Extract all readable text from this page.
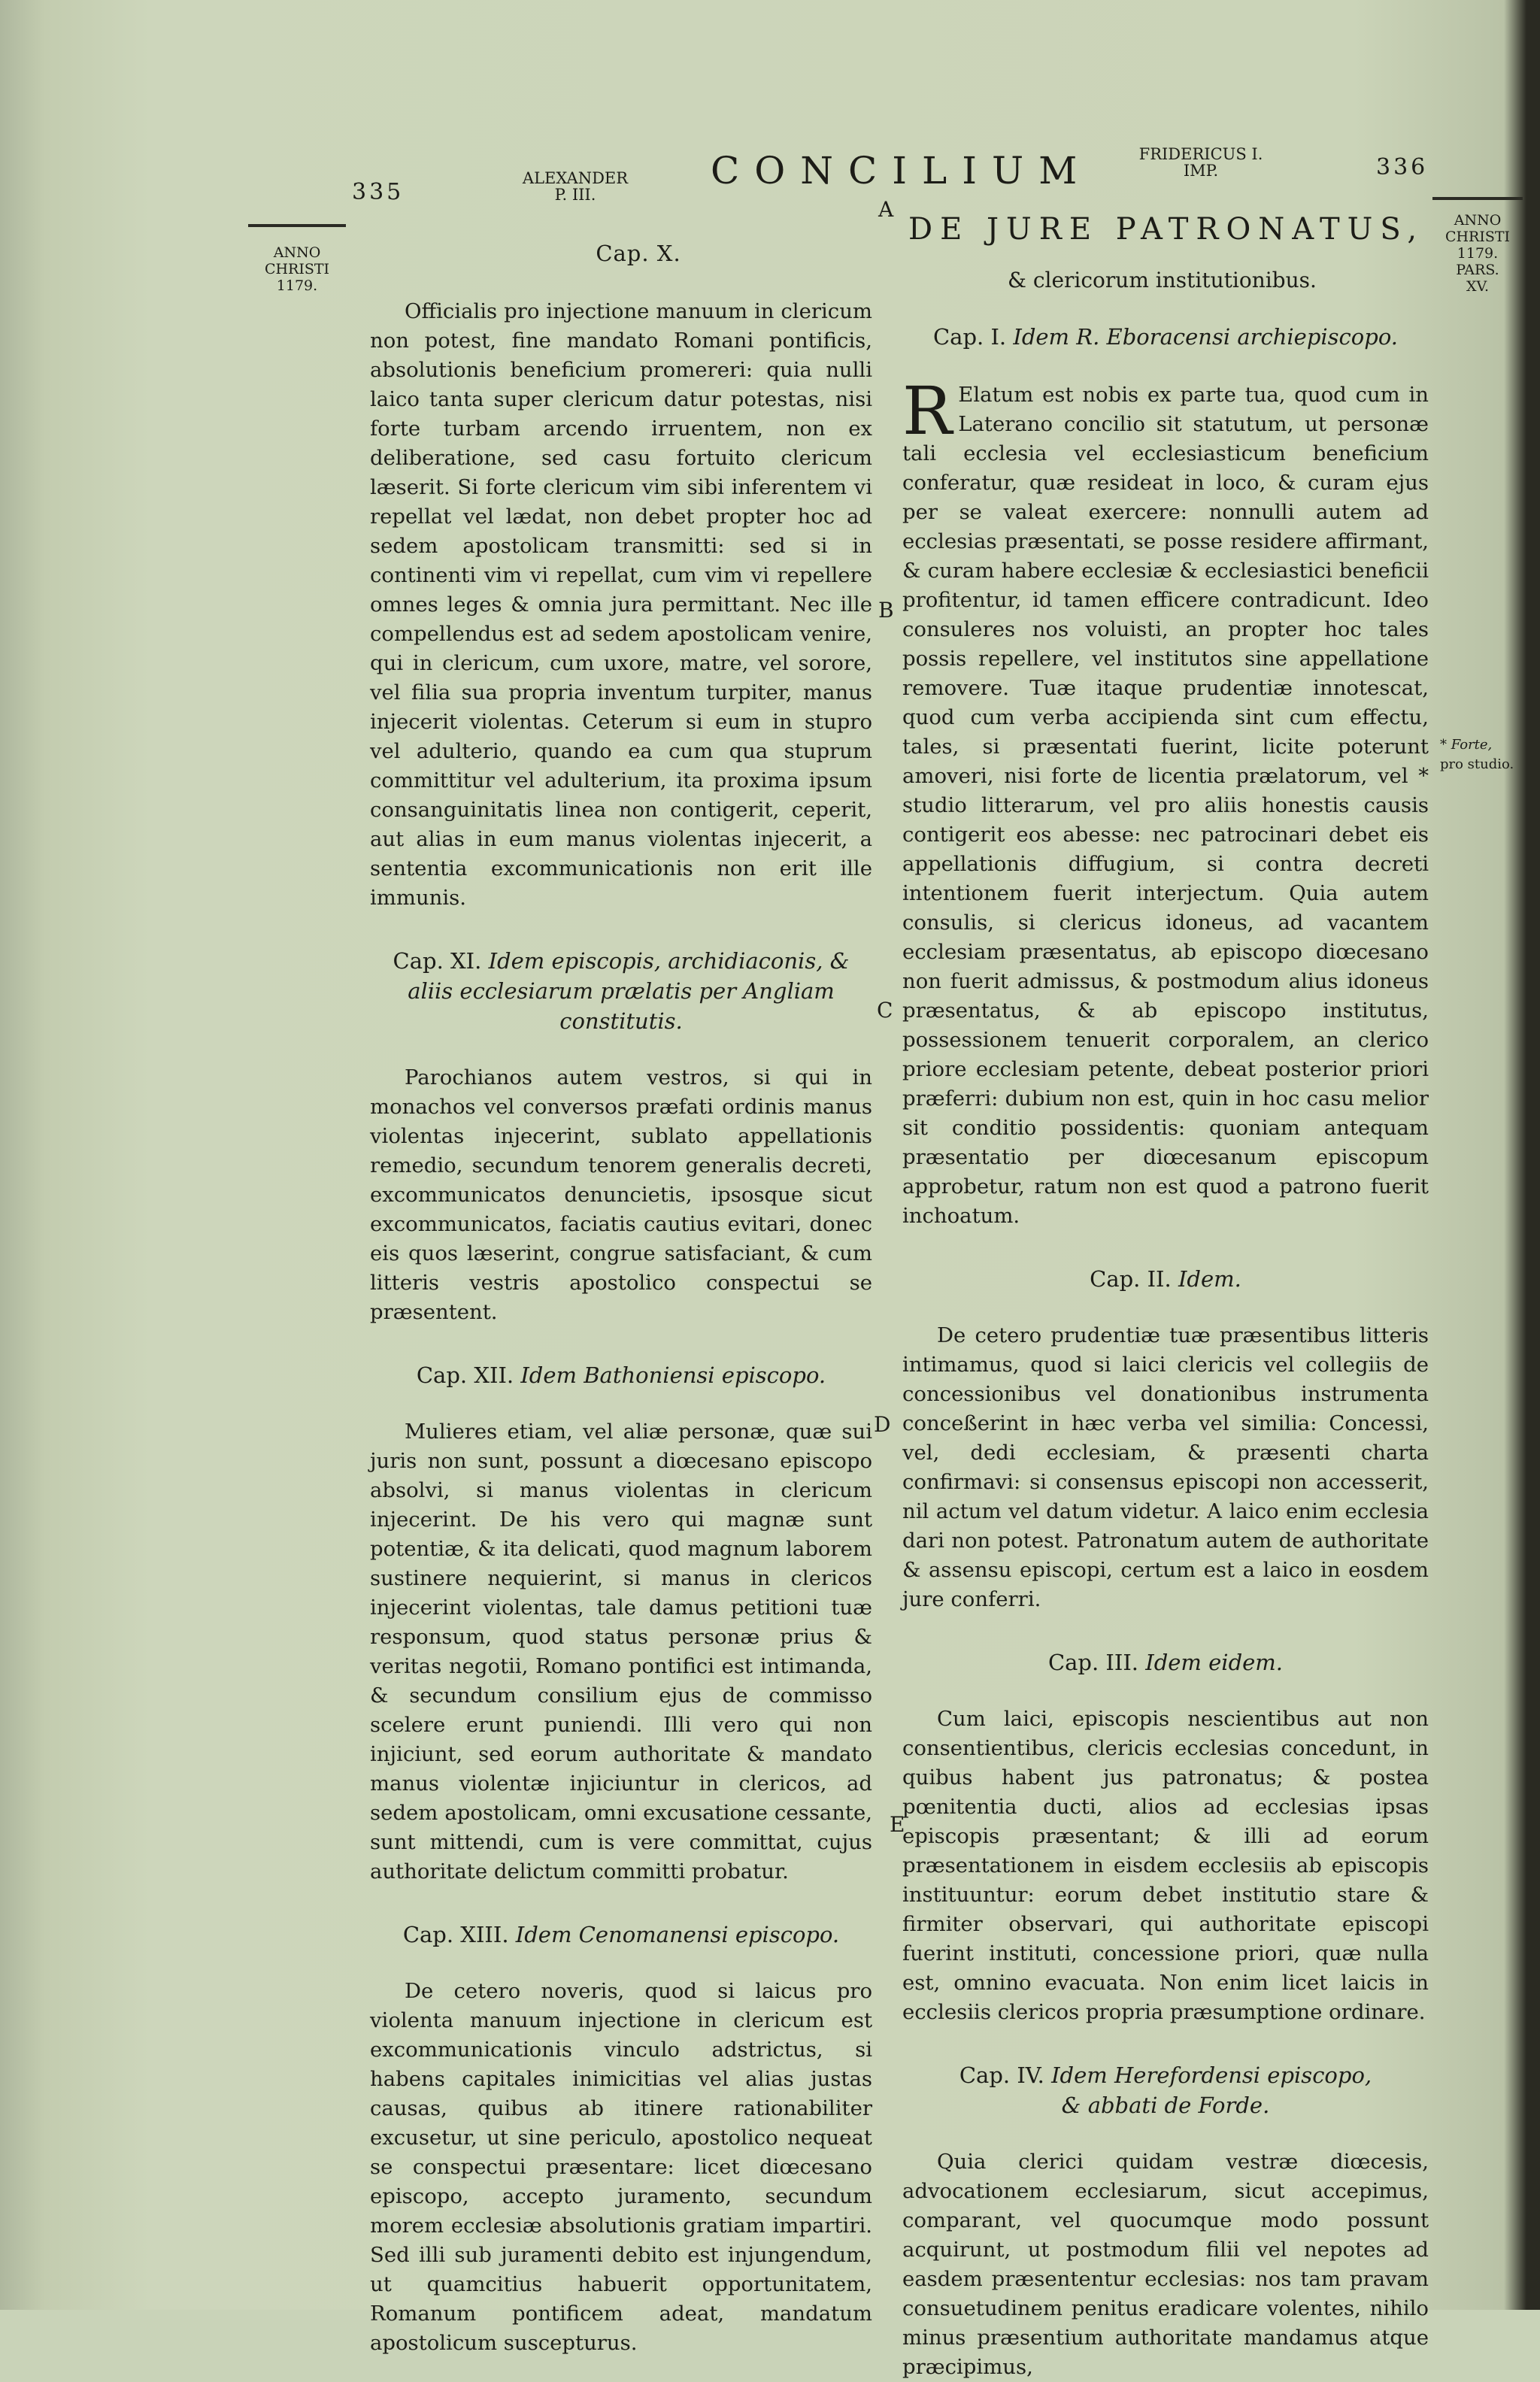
335
ALEXANDER
P. III.
CONCILIUM	FRIDERICUS I.
IMP.	336
ANNO
CHRISTI
1179.
ANNO
CHRISTI
1179.
PARS.
XV.
A
B
C
D
E
* Forte,
pro studio.

Cap. X.

Officialis pro injectione manuum in clericum non potest, fine mandato Romani pontificis, absolutionis beneficium promereri: quia nulli laico tanta super clericum datur potestas, nisi forte turbam arcendo irruentem, non ex deliberatione, sed casu fortuito clericum læserit. Si forte clericum vim sibi inferentem vi repellat vel lædat, non debet propter hoc ad sedem apostolicam transmitti: sed si in continenti vim vi repellat, cum vim vi repellere omnes leges & omnia jura permittant. Nec ille compellendus est ad sedem apostolicam venire, qui in clericum, cum uxore, matre, vel sorore, vel filia sua propria inventum turpiter, manus injecerit violentas. Ceterum si eum in stupro vel adulterio, quando ea cum qua stuprum committitur vel adulterium, ita proxima ipsum consanguinitatis linea non contigerit, ceperit, aut alias in eum manus violentas injecerit, a sententia excommunicationis non erit ille immunis.

Cap. XI. Idem episcopis, archidiaconis, & aliis ecclesiarum prælatis per Angliam constitutis.

Parochianos autem vestros, si qui in monachos vel conversos præfati ordinis manus violentas injecerint, sublato appellationis remedio, secundum tenorem generalis decreti, excommunicatos denuncietis, ipsosque sicut excommunicatos, faciatis cautius evitari, donec eis quos læserint, congrue satisfaciant, & cum litteris vestris apostolico conspectui se præsentent.

Cap. XII. Idem Bathoniensi episcopo.

Mulieres etiam, vel aliæ personæ, quæ sui juris non sunt, possunt a diœcesano episcopo absolvi, si manus violentas in clericum injecerint. De his vero qui magnæ sunt potentiæ, & ita delicati, quod magnum laborem sustinere nequierint, si manus in clericos injecerint violentas, tale damus petitioni tuæ responsum, quod status personæ prius & veritas negotii, Romano pontifici est intimanda, & secundum consilium ejus de commisso scelere erunt puniendi. Illi vero qui non injiciunt, sed eorum authoritate & mandato manus violentæ injiciuntur in clericos, ad sedem apostolicam, omni excusatione cessante, sunt mittendi, cum is vere committat, cujus authoritate delictum committi probatur.

Cap. XIII. Idem Cenomanensi episcopo.

De cetero noveris, quod si laicus pro violenta manuum injectione in clericum est excommunicationis vinculo adstrictus, si habens capitales inimicitias vel alias justas causas, quibus ab itinere rationabiliter excusetur, ut sine periculo, apostolico nequeat se conspectui præsentare: licet diœcesano episcopo, accepto juramento, secundum morem ecclesiæ absolutionis gratiam impartiri. Sed illi sub juramenti debito est injungendum, ut quamcitius habuerit opportunitatem, Romanum pontificem adeat, mandatum apostolicum suscepturus.

DE JURE PATRONATUS,
& clericorum institutionibus.
Cap. I. Idem R. Eboracensi archiepiscopo.

R Elatum est nobis ex parte tua, quod cum in Laterano concilio sit statutum, ut personæ tali ecclesia vel ecclesiasticum beneficium conferatur, quæ resideat in loco, & curam ejus per se valeat exercere: nonnulli autem ad ecclesias præsentati, se posse residere affirmant, & curam habere ecclesiæ & ecclesiastici beneficii profitentur, id tamen efficere contradicunt. Ideo consuleres nos voluisti, an propter hoc tales possis repellere, vel institutos sine appellatione removere. Tuæ itaque prudentiæ innotescat, quod cum verba accipienda sint cum effectu, tales, si præsentati fuerint, licite poterunt amoveri, nisi forte de licentia prælatorum, vel * studio litterarum, vel pro aliis honestis causis contigerit eos abesse: nec patrocinari debet eis appellationis diffugium, si contra decreti intentionem fuerit interjectum. Quia autem consulis, si clericus idoneus, ad vacantem ecclesiam præsentatus, ab episcopo diœcesano non fuerit admissus, & postmodum alius idoneus præsentatus, & ab episcopo institutus, possessionem tenuerit corporalem, an clerico priore ecclesiam petente, debeat posterior priori præferri: dubium non est, quin in hoc casu melior sit conditio possidentis: quoniam antequam præsentatio per diœcesanum episcopum approbetur, ratum non est quod a patrono fuerit inchoatum.

Cap. II. Idem.

De cetero prudentiæ tuæ præsentibus litteris intimamus, quod si laici clericis vel collegiis de concessionibus vel donationibus instrumenta conceßerint in hæc verba vel similia: Concessi, vel, dedi ecclesiam, & præsenti charta confirmavi: si consensus episcopi non accesserit, nil actum vel datum videtur. A laico enim ecclesia dari non potest. Patronatum autem de authoritate & assensu episcopi, certum est a laico in eosdem jure conferri.

Cap. III. Idem eidem.

Cum laici, episcopis nescientibus aut non consentientibus, clericis ecclesias concedunt, in quibus habent jus patronatus; & postea pœnitentia ducti, alios ad ecclesias ipsas episcopis præsentant; & illi ad eorum præsentationem in eisdem ecclesiis ab episcopis instituuntur: eorum debet institutio stare & firmiter observari, qui authoritate episcopi fuerint instituti, concessione priori, quæ nulla est, omnino evacuata. Non enim licet laicis in ecclesiis clericos propria præsumptione ordinare.

Cap. IV. Idem Herefordensi episcopo,
& abbati de Forde.

Quia clerici quidam vestræ diœcesis, advocationem ecclesiarum, sicut accepimus, comparant, vel quocumque modo possunt acquirunt, ut postmodum filii vel nepotes ad easdem præsententur ecclesias: nos tam pravam consuetudinem penitus eradicare volentes, nihilo minus præsentium authoritate mandamus atque præcipimus,
